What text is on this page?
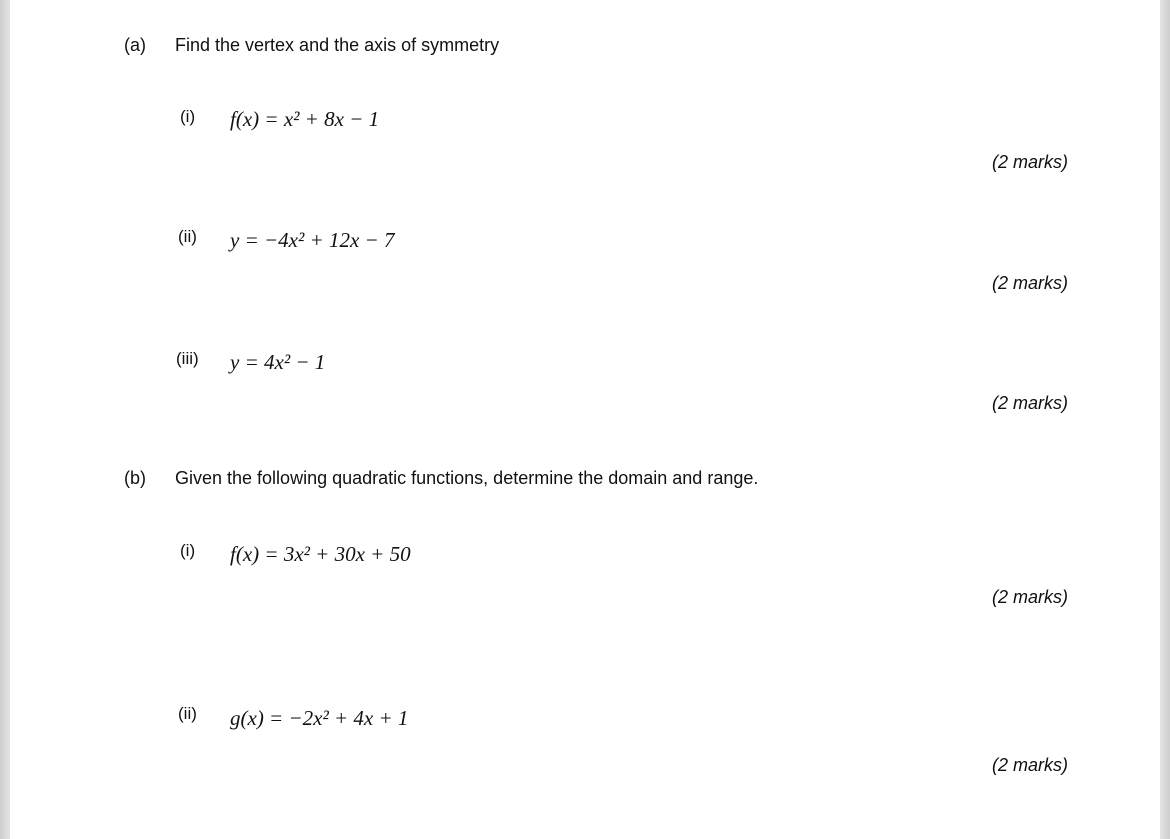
(a) Find the vertex and the axis of symmetry
(i) f(x) = x² + 8x − 1
(2 marks)
(ii) y = −4x² + 12x − 7
(2 marks)
(iii) y = 4x² − 1
(2 marks)
(b) Given the following quadratic functions, determine the domain and range.
(i) f(x) = 3x² + 30x + 50
(2 marks)
(ii) g(x) = −2x² + 4x + 1
(2 marks)
